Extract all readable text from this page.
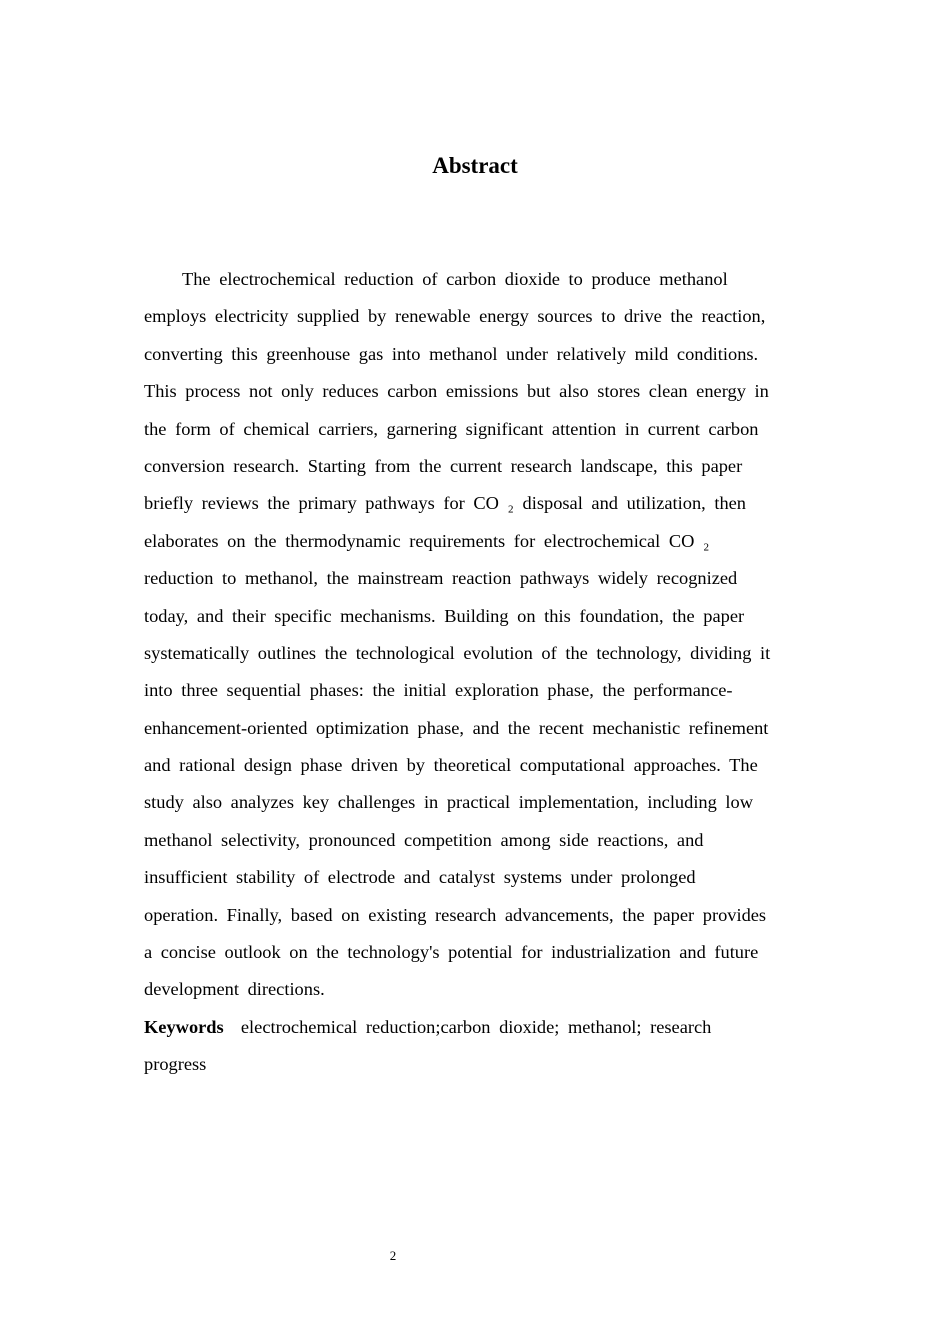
Abstract
The electrochemical reduction of carbon dioxide to produce methanol
employs electricity supplied by renewable energy sources to drive the reaction,
converting this greenhouse gas into methanol under relatively mild conditions.
This process not only reduces carbon emissions but also stores clean energy in
the form of chemical carriers, garnering significant attention in current carbon
conversion research. Starting from the current research landscape, this paper
briefly reviews the primary pathways for CO ₂ disposal and utilization, then
elaborates on the thermodynamic requirements for electrochemical CO ₂
reduction to methanol, the mainstream reaction pathways widely recognized
today, and their specific mechanisms. Building on this foundation, the paper
systematically outlines the technological evolution of the technology, dividing it
into three sequential phases: the initial exploration phase, the performance-
enhancement-oriented optimization phase, and the recent mechanistic refinement
and rational design phase driven by theoretical computational approaches. The
study also analyzes key challenges in practical implementation, including low
methanol selectivity, pronounced competition among side reactions, and
insufficient stability of electrode and catalyst systems under prolonged
operation. Finally, based on existing research advancements, the paper provides
a concise outlook on the technology's potential for industrialization and future
development directions.
Keywords electrochemical reduction;carbon dioxide; methanol; research
progress
2
